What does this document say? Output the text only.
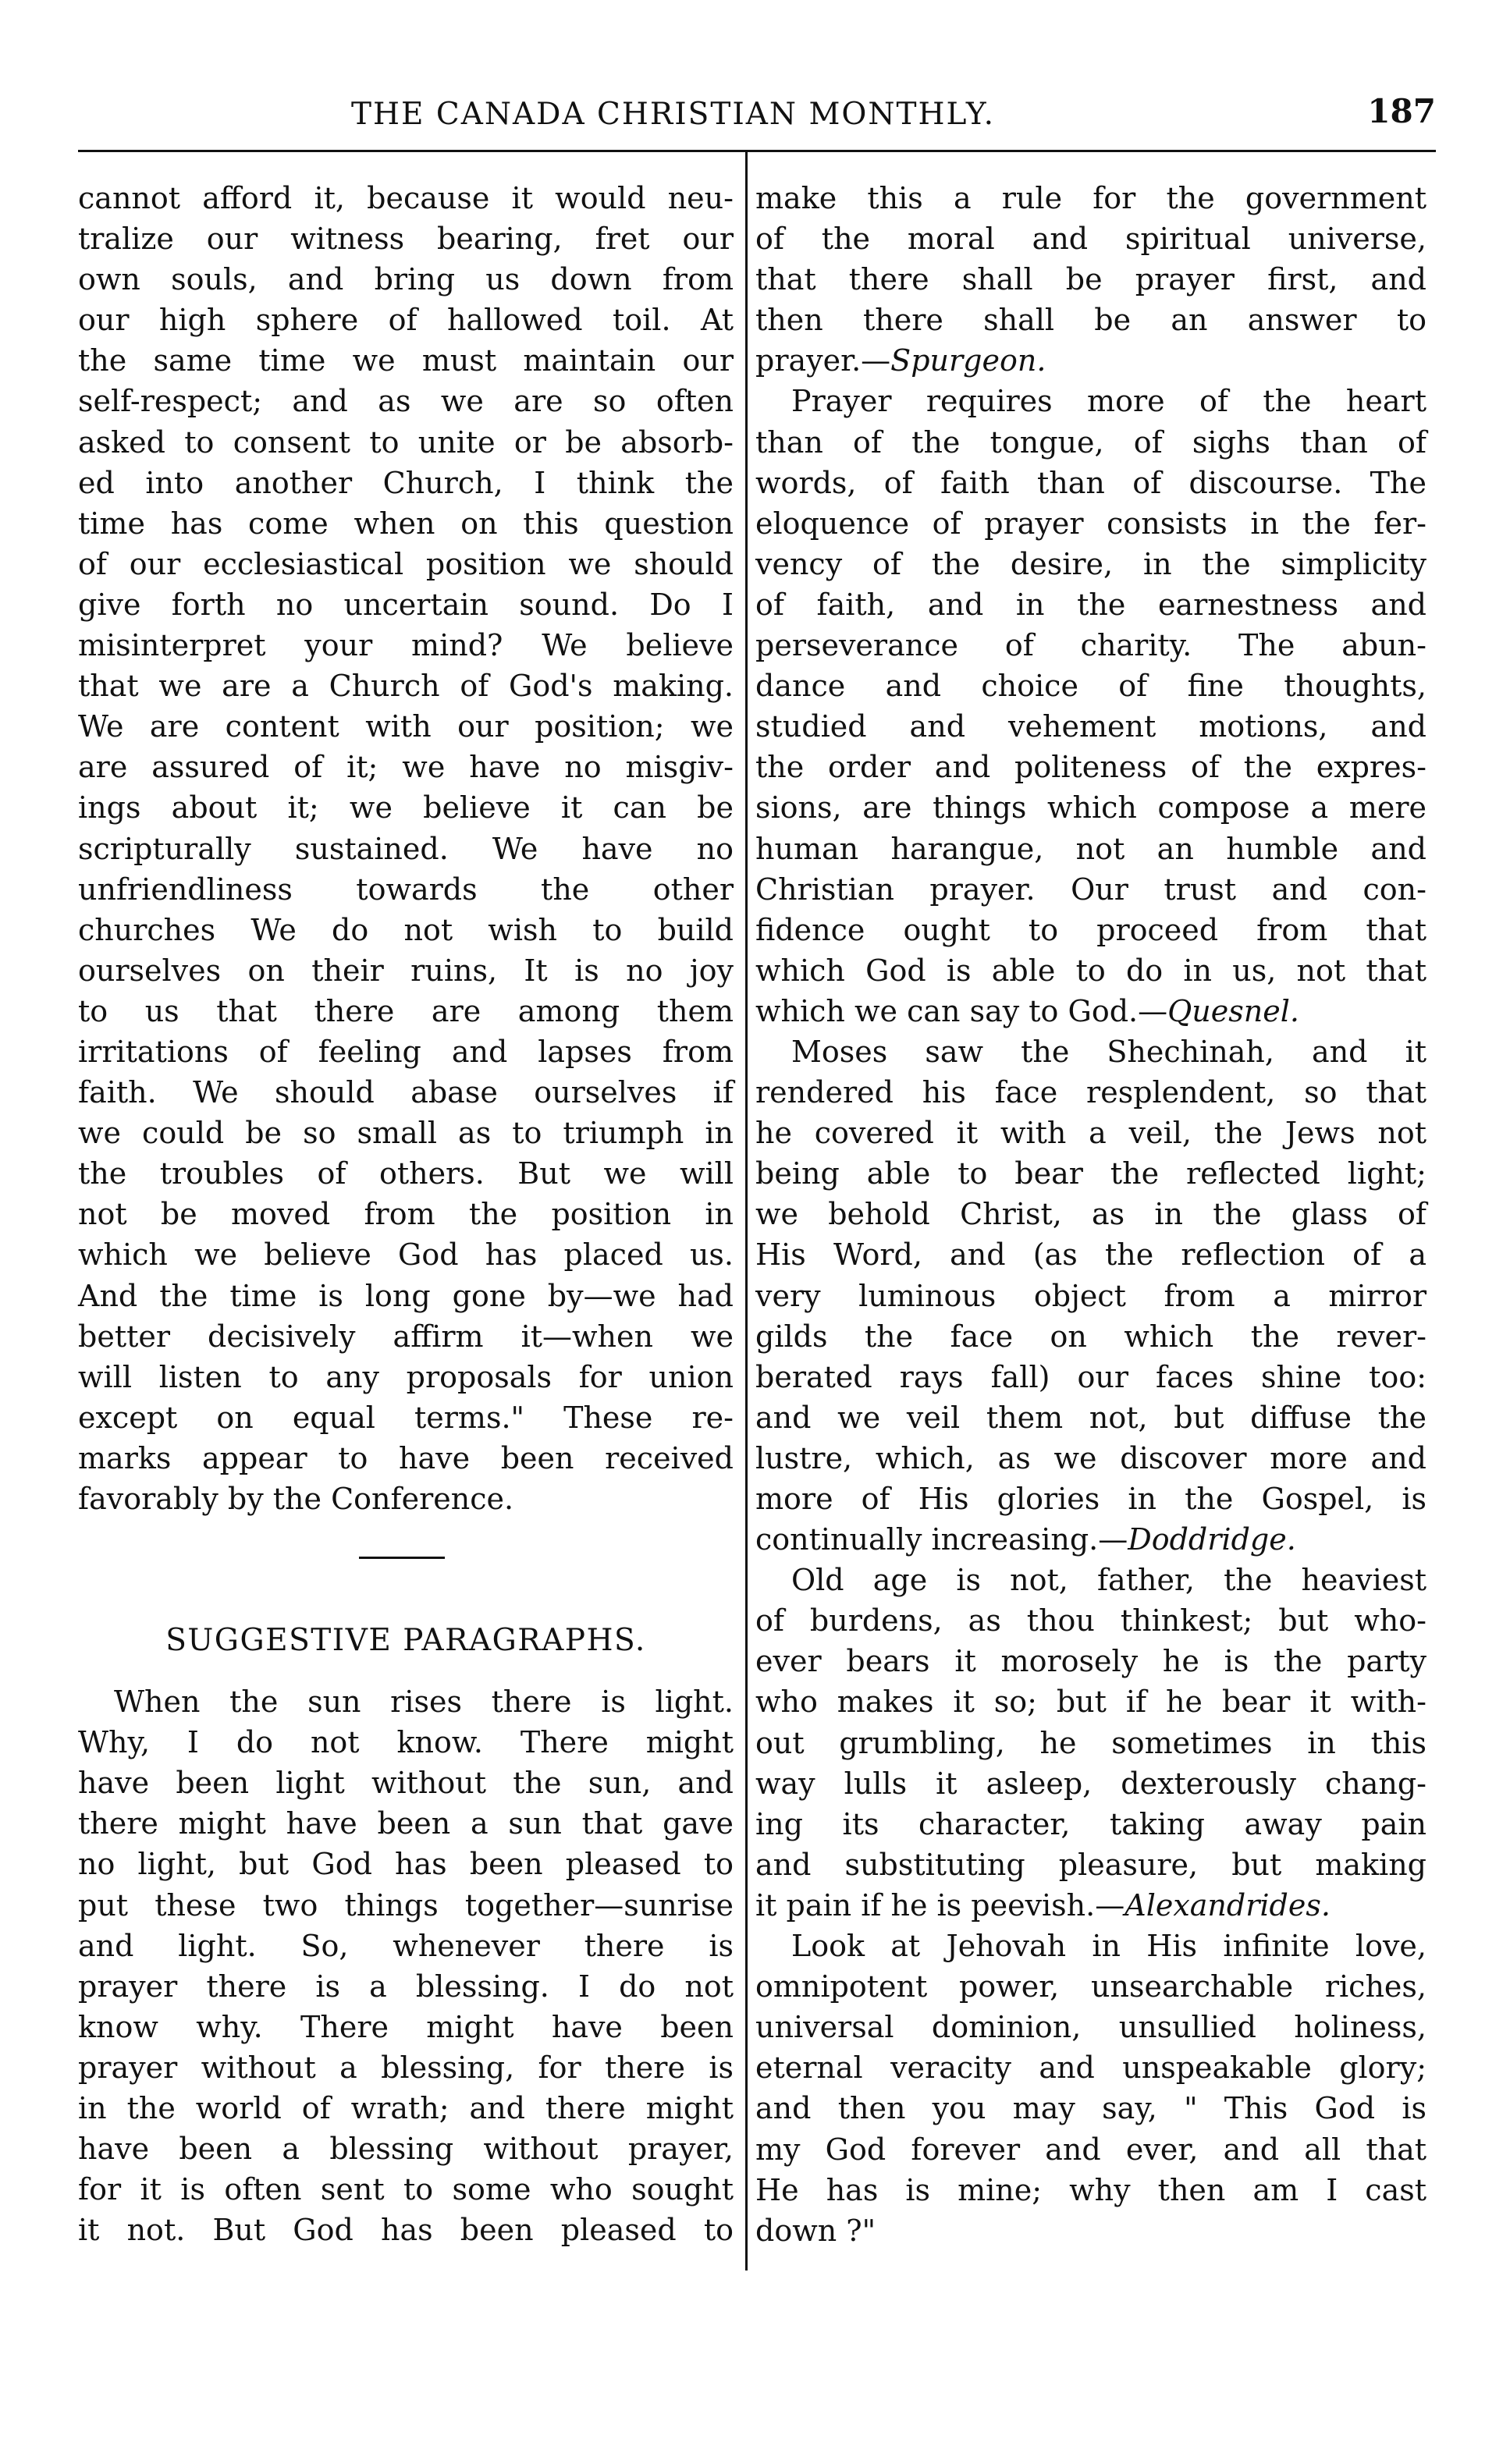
THE CANADA CHRISTIAN MONTHLY.	187
cannot afford it, because it would neu-
tralize our witness bearing, fret our
own souls, and bring us down from
our high sphere of hallowed toil. At
the same time we must maintain our
self-respect; and as we are so often
asked to consent to unite or be absorb-
ed into another Church, I think the
time has come when on this question
of our ecclesiastical position we should
give forth no uncertain sound. Do I
misinterpret your mind? We believe
that we are a Church of God's making.
We are content with our position; we
are assured of it; we have no misgiv-
ings about it; we believe it can be
scripturally sustained. We have no
unfriendliness towards the other
churches We do not wish to build
ourselves on their ruins, It is no joy
to us that there are among them
irritations of feeling and lapses from
faith. We should abase ourselves if
we could be so small as to triumph in
the troubles of others. But we will
not be moved from the position in
which we believe God has placed us.
And the time is long gone by—we had
better decisively affirm it—when we
will listen to any proposals for union
except on equal terms." These re-
marks appear to have been received
favorably by the Conference.
SUGGESTIVE PARAGRAPHS.
When the sun rises there is light.
Why, I do not know. There might
have been light without the sun, and
there might have been a sun that gave
no light, but God has been pleased to
put these two things together—sunrise
and light. So, whenever there is
prayer there is a blessing. I do not
know why. There might have been
prayer without a blessing, for there is
in the world of wrath; and there might
have been a blessing without prayer,
for it is often sent to some who sought
it not. But God has been pleased to
make this a rule for the government
of the moral and spiritual universe,
that there shall be prayer first, and
then there shall be an answer to
prayer.—Spurgeon.
Prayer requires more of the heart
than of the tongue, of sighs than of
words, of faith than of discourse. The
eloquence of prayer consists in the fer-
vency of the desire, in the simplicity
of faith, and in the earnestness and
perseverance of charity. The abun-
dance and choice of fine thoughts,
studied and vehement motions, and
the order and politeness of the expres-
sions, are things which compose a mere
human harangue, not an humble and
Christian prayer. Our trust and con-
fidence ought to proceed from that
which God is able to do in us, not that
which we can say to God.—Quesnel.
Moses saw the Shechinah, and it
rendered his face resplendent, so that
he covered it with a veil, the Jews not
being able to bear the reflected light;
we behold Christ, as in the glass of
His Word, and (as the reflection of a
very luminous object from a mirror
gilds the face on which the rever-
berated rays fall) our faces shine too:
and we veil them not, but diffuse the
lustre, which, as we discover more and
more of His glories in the Gospel, is
continually increasing.—Doddridge.
Old age is not, father, the heaviest
of burdens, as thou thinkest; but who-
ever bears it morosely he is the party
who makes it so; but if he bear it with-
out grumbling, he sometimes in this
way lulls it asleep, dexterously chang-
ing its character, taking away pain
and substituting pleasure, but making
it pain if he is peevish.—Alexandrides.
Look at Jehovah in His infinite love,
omnipotent power, unsearchable riches,
universal dominion, unsullied holiness,
eternal veracity and unspeakable glory;
and then you may say, " This God is
my God forever and ever, and all that
He has is mine; why then am I cast
down ?"
